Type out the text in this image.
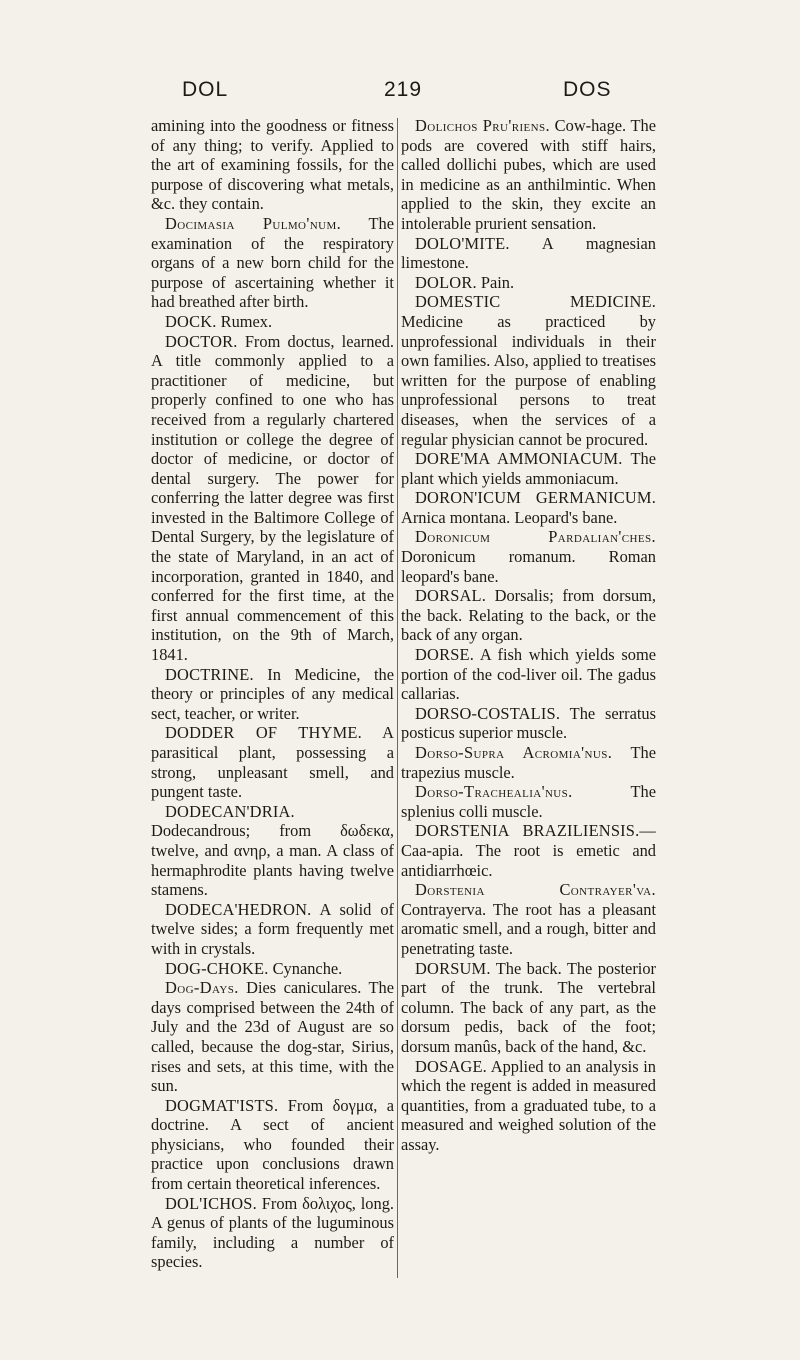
DOL	219	DOS

amining into the goodness or fitness of any thing; to verify. Applied to the art of examining fossils, for the purpose of discovering what metals, &c. they contain.

Docimasia Pulmo'num. The examination of the respiratory organs of a new born child for the purpose of ascertaining whether it had breathed after birth.

DOCK. Rumex.

DOCTOR. From doctus, learned. A title commonly applied to a practitioner of medicine, but properly confined to one who has received from a regularly chartered institution or college the degree of doctor of medicine, or doctor of dental surgery. The power for conferring the latter degree was first invested in the Baltimore College of Dental Surgery, by the legislature of the state of Maryland, in an act of incorporation, granted in 1840, and conferred for the first time, at the first annual commencement of this institution, on the 9th of March, 1841.

DOCTRINE. In Medicine, the theory or principles of any medical sect, teacher, or writer.

DODDER OF THYME. A parasitical plant, possessing a strong, unpleasant smell, and pungent taste.

DODECAN'DRIA. Dodecandrous; from δωδεκα, twelve, and ανηρ, a man. A class of hermaphrodite plants having twelve stamens.

DODECA'HEDRON. A solid of twelve sides; a form frequently met with in crystals.

DOG-CHOKE. Cynanche.

Dog-Days. Dies caniculares. The days comprised between the 24th of July and the 23d of August are so called, because the dog-star, Sirius, rises and sets, at this time, with the sun.

DOGMAT'ISTS. From δογμα, a doctrine. A sect of ancient physicians, who founded their practice upon conclusions drawn from certain theoretical inferences.

DOL'ICHOS. From δολιχος, long. A genus of plants of the luguminous family, including a number of species.

Dolichos Pru'riens. Cow-hage. The pods are covered with stiff hairs, called dollichi pubes, which are used in medicine as an anthilmintic. When applied to the skin, they excite an intolerable prurient sensation.

DOLO'MITE. A magnesian limestone.

DOLOR. Pain.

DOMESTIC MEDICINE. Medicine as practiced by unprofessional individuals in their own families. Also, applied to treatises written for the purpose of enabling unprofessional persons to treat diseases, when the services of a regular physician cannot be procured.

DORE'MA AMMONIACUM. The plant which yields ammoniacum.

DORON'ICUM GERMANICUM. Arnica montana. Leopard's bane.

Doronicum Pardalian'ches. Doronicum romanum. Roman leopard's bane.

DORSAL. Dorsalis; from dorsum, the back. Relating to the back, or the back of any organ.

DORSE. A fish which yields some portion of the cod-liver oil. The gadus callarias.

DORSO-COSTALIS. The serratus posticus superior muscle.

Dorso-Supra Acromia'nus. The trapezius muscle.

Dorso-Trachealia'nus. The splenius colli muscle.

DORSTENIA BRAZILIENSIS.— Caa-apia. The root is emetic and antidiarrhœic.

Dorstenia Contrayer'va. Contrayerva. The root has a pleasant aromatic smell, and a rough, bitter and penetrating taste.

DORSUM. The back. The posterior part of the trunk. The vertebral column. The back of any part, as the dorsum pedis, back of the foot; dorsum manûs, back of the hand, &c.

DOSAGE. Applied to an analysis in which the regent is added in measured quantities, from a graduated tube, to a measured and weighed solution of the assay.
